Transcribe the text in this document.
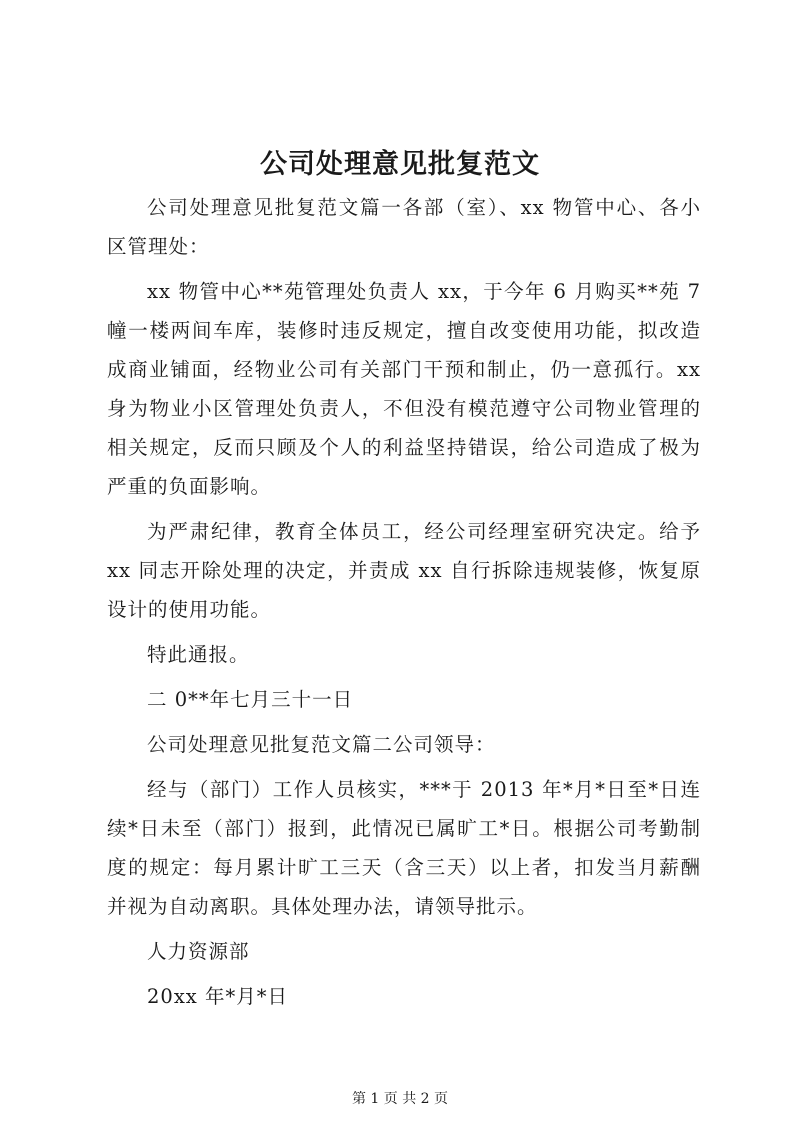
公司处理意见批复范文

公司处理意见批复范文篇一各部（室）、xx 物管中心、各小区管理处：

xx 物管中心**苑管理处负责人 xx，于今年 6 月购买**苑 7 幢一楼两间车库，装修时违反规定，擅自改变使用功能，拟改造成商业铺面，经物业公司有关部门干预和制止，仍一意孤行。xx 身为物业小区管理处负责人，不但没有模范遵守公司物业管理的相关规定，反而只顾及个人的利益坚持错误，给公司造成了极为严重的负面影响。

为严肃纪律，教育全体员工，经公司经理室研究决定。给予 xx 同志开除处理的决定，并责成 xx 自行拆除违规装修，恢复原设计的使用功能。

特此通报。

二 0**年七月三十一日

公司处理意见批复范文篇二公司领导：

经与（部门）工作人员核实，***于 2013 年*月*日至*日连续*日未至（部门）报到，此情况已属旷工*日。根据公司考勤制度的规定：每月累计旷工三天（含三天）以上者，扣发当月薪酬并视为自动离职。具体处理办法，请领导批示。

人力资源部

20xx 年*月*日

第 1 页 共 2 页
